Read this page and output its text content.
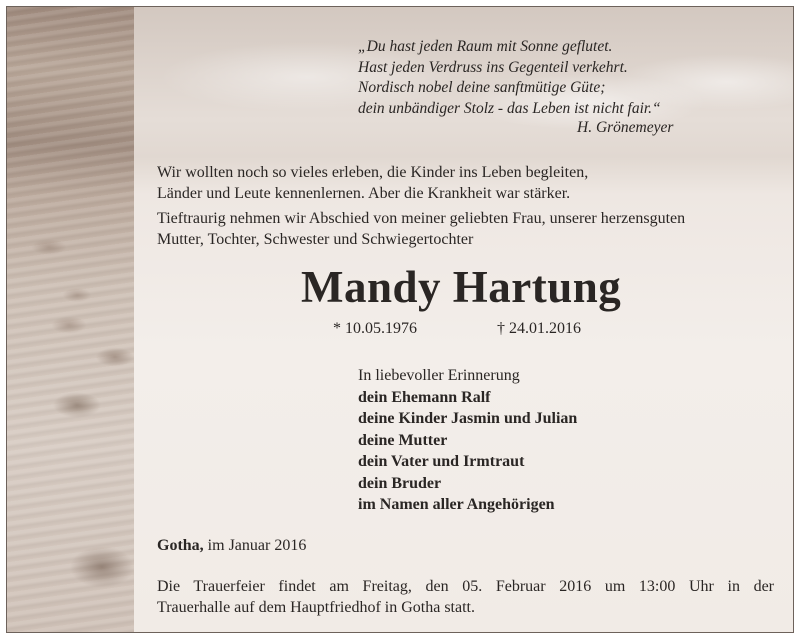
„Du hast jeden Raum mit Sonne geflutet.
Hast jeden Verdruss ins Gegenteil verkehrt.
Nordisch nobel deine sanftmütige Güte;
dein unbändiger Stolz - das Leben ist nicht fair.“
H. Grönemeyer
Wir wollten noch so vieles erleben, die Kinder ins Leben begleiten,
Länder und Leute kennenlernen. Aber die Krankheit war stärker.
Tieftraurig nehmen wir Abschied von meiner geliebten Frau, unserer herzensguten
Mutter, Tochter, Schwester und Schwiegertochter
Mandy Hartung
* 10.05.1976	† 24.01.2016
In liebevoller Erinnerung
dein Ehemann Ralf
deine Kinder Jasmin und Julian
deine Mutter
dein Vater und Irmtraut
dein Bruder
im Namen aller Angehörigen
Gotha, im Januar 2016
Die Trauerfeier findet am Freitag, den 05. Februar 2016 um 13:00 Uhr in der
Trauerhalle auf dem Hauptfriedhof in Gotha statt.
